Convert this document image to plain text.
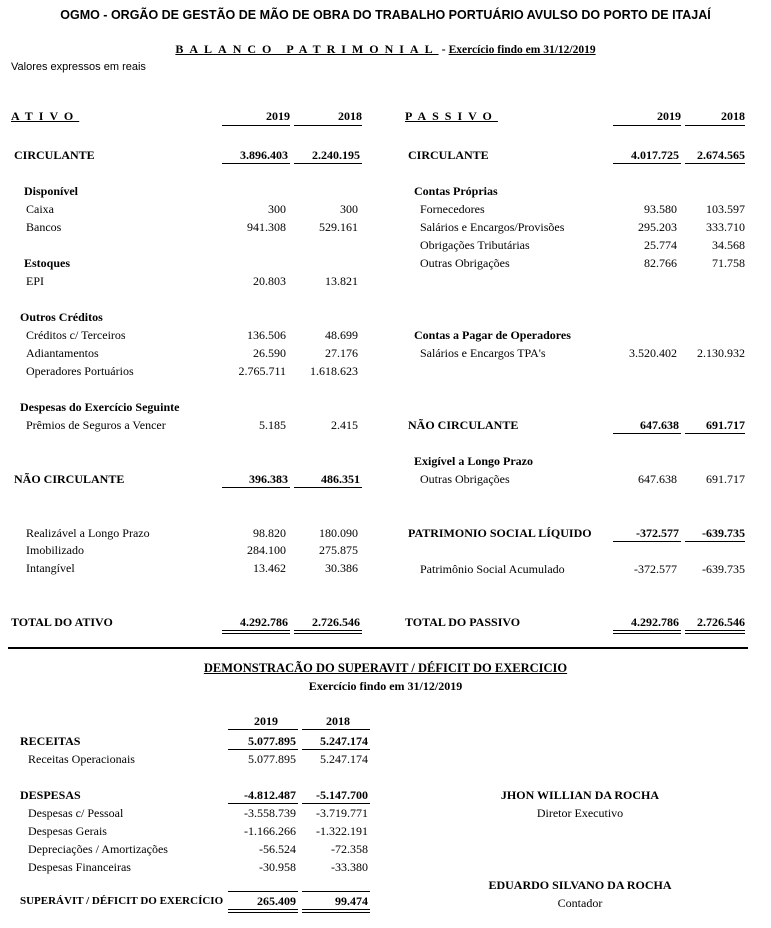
OGMO - ORGÃO DE GESTÃO DE MÃO DE OBRA DO TRABALHO PORTUÁRIO AVULSO DO PORTO DE ITAJAÍ
BALANCO PATRIMONIAL - Exercício findo em 31/12/2019
Valores expressos em reais
ATIVO	2019	2018	PASSIVO	2019	2018
CIRCULANTE	3.896.403	2.240.195
Disponível
Caixa	300	300
Bancos	941.308	529.161
Estoques
EPI	20.803	13.821
Outros Créditos
Créditos c/ Terceiros	136.506	48.699
Adiantamentos	26.590	27.176
Operadores Portuários	2.765.711	1.618.623
Despesas do Exercício Seguinte
Prêmios de Seguros a Vencer	5.185	2.415
NÃO CIRCULANTE	396.383	486.351
Realizável a Longo Prazo	98.820	180.090
Imobilizado	284.100	275.875
Intangível	13.462	30.386
TOTAL DO ATIVO	4.292.786	2.726.546
CIRCULANTE	4.017.725	2.674.565
Contas Próprias
Fornecedores	93.580	103.597
Salários e Encargos/Provisões	295.203	333.710
Obrigações Tributárias	25.774	34.568
Outras Obrigações	82.766	71.758
Contas a Pagar de Operadores
Salários e Encargos TPA's	3.520.402	2.130.932
NÃO CIRCULANTE	647.638	691.717
Exigível a Longo Prazo
Outras Obrigações	647.638	691.717
PATRIMONIO SOCIAL LÍQUIDO	-372.577	-639.735
Patrimônio Social Acumulado	-372.577	-639.735
TOTAL DO PASSIVO	4.292.786	2.726.546
DEMONSTRACÃO DO SUPERAVIT / DÉFICIT DO EXERCICIO
Exercício findo em 31/12/2019
2019	2018
RECEITAS	5.077.895	5.247.174
Receitas Operacionais	5.077.895	5.247.174
DESPESAS	-4.812.487	-5.147.700
Despesas c/ Pessoal	-3.558.739	-3.719.771
Despesas Gerais	-1.166.266	-1.322.191
Depreciações / Amortizações	-56.524	-72.358
Despesas Financeiras	-30.958	-33.380
SUPERÁVIT / DÉFICIT DO EXERCÍCIO	265.409	99.474
JHON WILLIAN DA ROCHA
Diretor Executivo
EDUARDO SILVANO DA ROCHA
Contador
